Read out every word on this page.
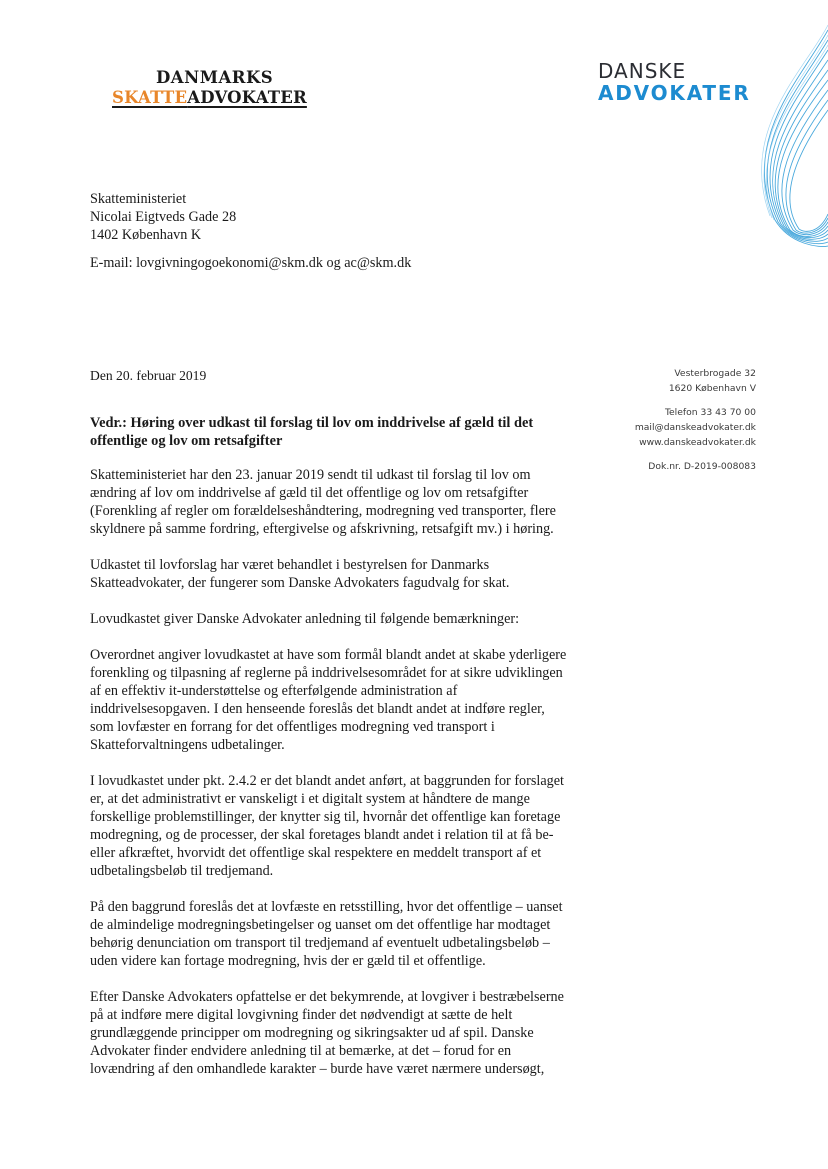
DANMARKS
SKATTEADVOKATER
DANSKE
ADVOKATER
Skatteministeriet
Nicolai Eigtveds Gade 28
1402 København K
E-mail: lovgivningogoekonomi@skm.dk og ac@skm.dk
Den 20. februar 2019	Vesterbrogade 32
1620 København V
Telefon 33 43 70 00
mail@danskeadvokater.dk
www.danskeadvokater.dk
Dok.nr. D-2019-008083
Vedr.: Høring over udkast til forslag til lov om inddrivelse af gæld til det
offentlige og lov om retsafgifter
Skatteministeriet har den 23. januar 2019 sendt til udkast til forslag til lov om
ændring af lov om inddrivelse af gæld til det offentlige og lov om retsafgifter
(Forenkling af regler om forældelseshåndtering, modregning ved transporter, flere
skyldnere på samme fordring, eftergivelse og afskrivning, retsafgift mv.) i høring.
Udkastet til lovforslag har været behandlet i bestyrelsen for Danmarks
Skatteadvokater, der fungerer som Danske Advokaters fagudvalg for skat.
Lovudkastet giver Danske Advokater anledning til følgende bemærkninger:
Overordnet angiver lovudkastet at have som formål blandt andet at skabe yderligere
forenkling og tilpasning af reglerne på inddrivelsesområdet for at sikre udviklingen
af en effektiv it-understøttelse og efterfølgende administration af
inddrivelsesopgaven. I den henseende foreslås det blandt andet at indføre regler,
som lovfæster en forrang for det offentliges modregning ved transport i
Skatteforvaltningens udbetalinger.
I lovudkastet under pkt. 2.4.2 er det blandt andet anført, at baggrunden for forslaget
er, at det administrativt er vanskeligt i et digitalt system at håndtere de mange
forskellige problemstillinger, der knytter sig til, hvornår det offentlige kan foretage
modregning, og de processer, der skal foretages blandt andet i relation til at få be-
eller afkræftet, hvorvidt det offentlige skal respektere en meddelt transport af et
udbetalingsbeløb til tredjemand.
På den baggrund foreslås det at lovfæste en retsstilling, hvor det offentlige – uanset
de almindelige modregningsbetingelser og uanset om det offentlige har modtaget
behørig denunciation om transport til tredjemand af eventuelt udbetalingsbeløb –
uden videre kan fortage modregning, hvis der er gæld til et offentlige.
Efter Danske Advokaters opfattelse er det bekymrende, at lovgiver i bestræbelserne
på at indføre mere digital lovgivning finder det nødvendigt at sætte de helt
grundlæggende principper om modregning og sikringsakter ud af spil. Danske
Advokater finder endvidere anledning til at bemærke, at det – forud for en
lovændring af den omhandlede karakter – burde have været nærmere undersøgt,
